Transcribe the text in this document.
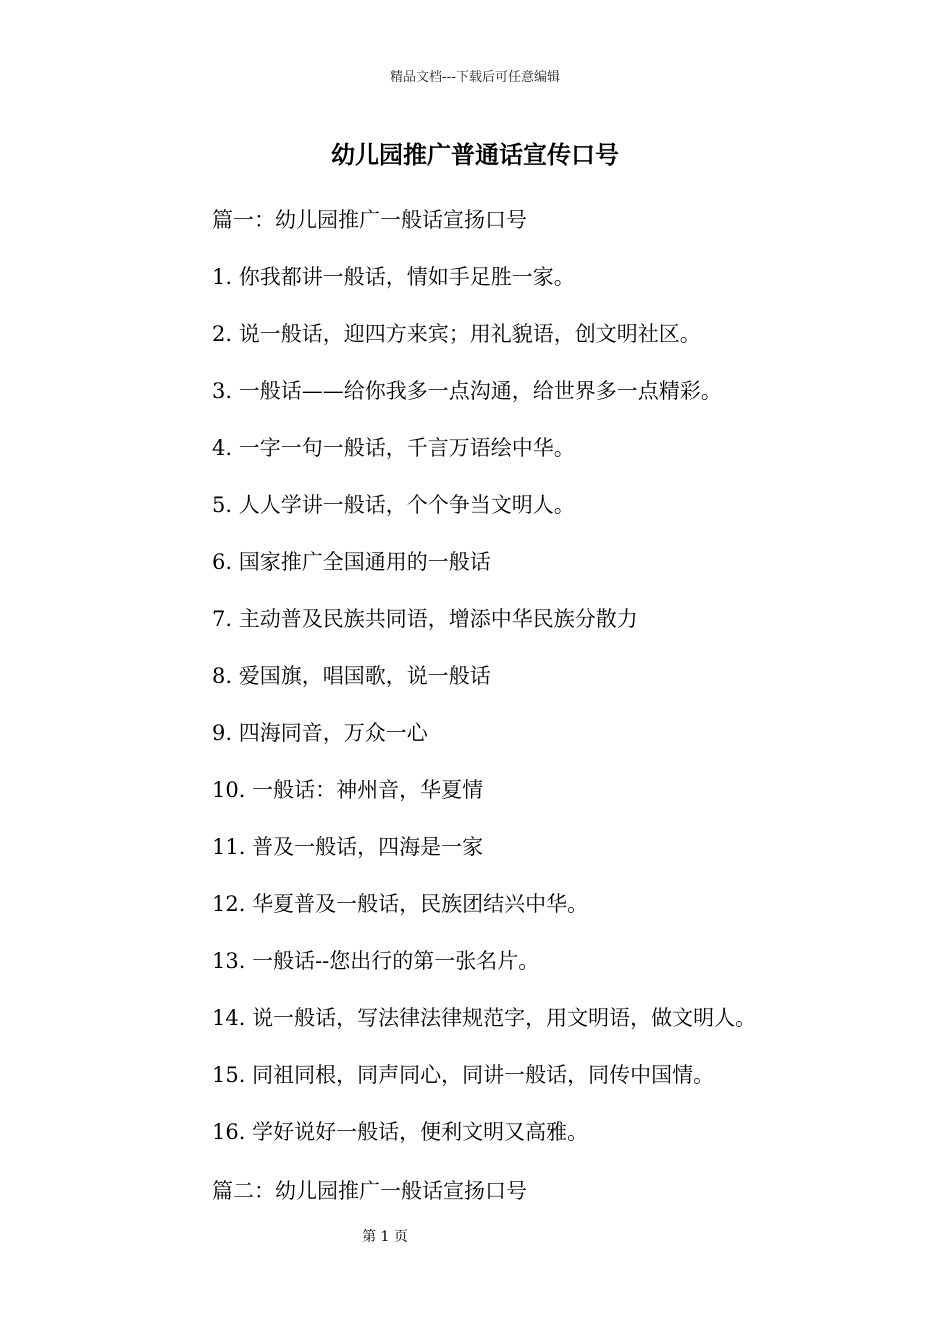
精品文档---下载后可任意编辑
幼儿园推广普通话宣传口号
篇一：幼儿园推广一般话宣扬口号
1. 你我都讲一般话，情如手足胜一家。
2. 说一般话，迎四方来宾；用礼貌语，创文明社区。
3. 一般话——给你我多一点沟通，给世界多一点精彩。
4. 一字一句一般话，千言万语绘中华。
5. 人人学讲一般话，个个争当文明人。
6. 国家推广全国通用的一般话
7. 主动普及民族共同语，增添中华民族分散力
8. 爱国旗，唱国歌，说一般话
9. 四海同音，万众一心
10. 一般话：神州音，华夏情
11. 普及一般话，四海是一家
12. 华夏普及一般话，民族团结兴中华。
13. 一般话--您出行的第一张名片。
14. 说一般话，写法律法律规范字，用文明语，做文明人。
15. 同祖同根，同声同心，同讲一般话，同传中国情。
16. 学好说好一般话，便利文明又高雅。
篇二：幼儿园推广一般话宣扬口号
第 1 页
